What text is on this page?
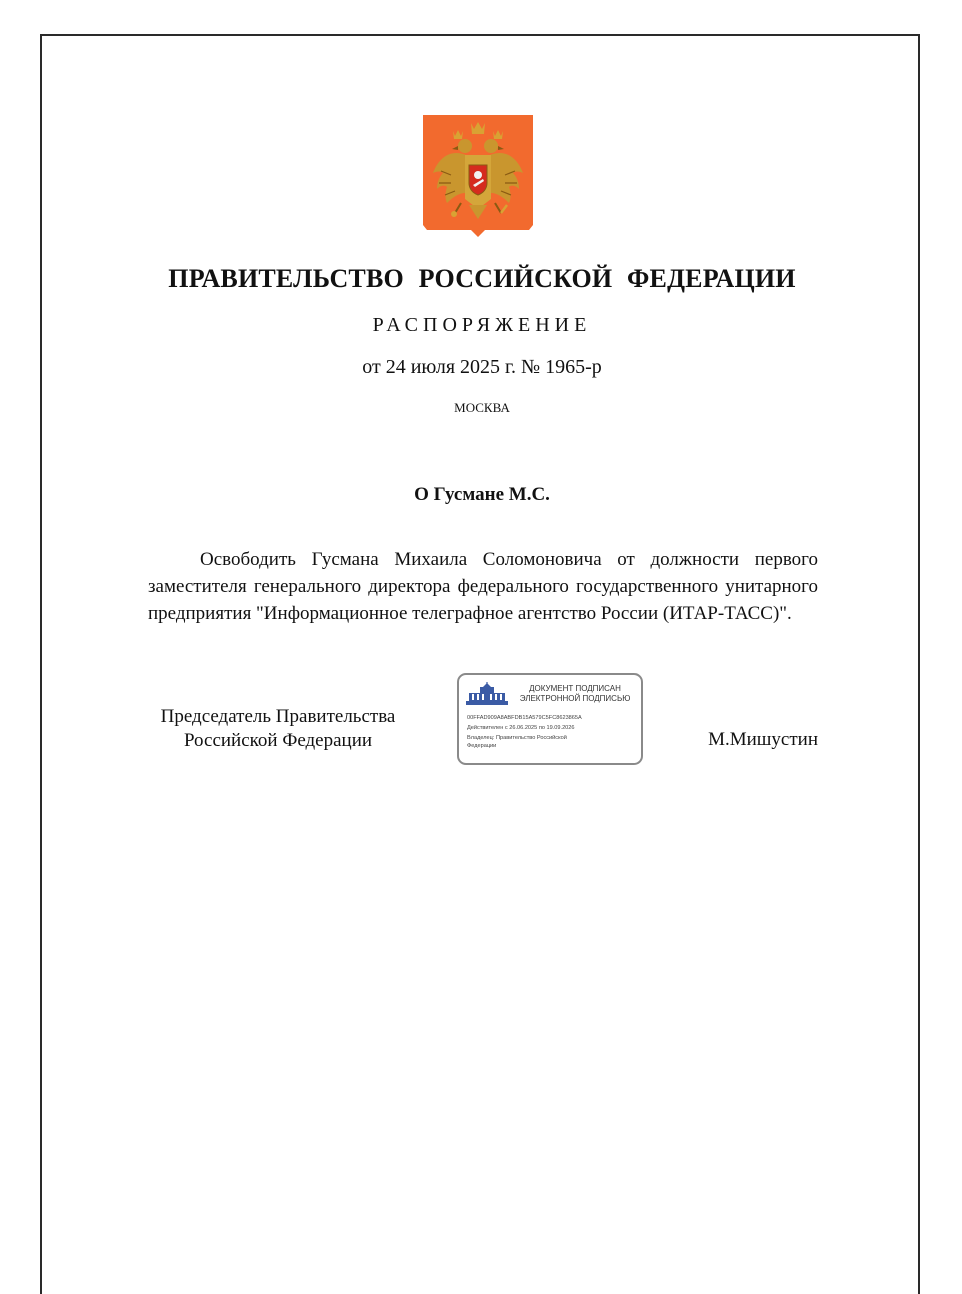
ПРАВИТЕЛЬСТВО РОССИЙСКОЙ ФЕДЕРАЦИИ
РАСПОРЯЖЕНИЕ
от 24 июля 2025 г. № 1965-р
МОСКВА
О Гусмане М.С.
Освободить Гусмана Михаила Соломоновича от должности первого заместителя генерального директора федерального государственного унитарного предприятия "Информационное телеграфное агентство России (ИТАР-ТАСС)".
Председатель Правительства
Российской Федерации
ДОКУМЕНТ ПОДПИСАН
ЭЛЕКТРОННОЙ ПОДПИСЬЮ
00FFAD909A8ABFDB15A579C5FC8623865A
Действителен с 26.06.2025 по 19.09.2026
Владелец: Правительство Российской
Федерации	М.Мишустин
